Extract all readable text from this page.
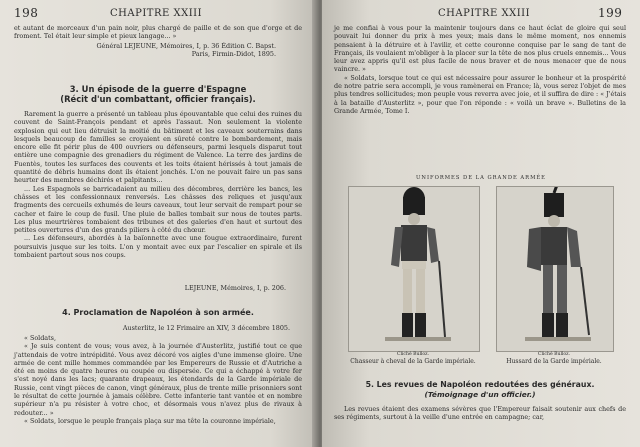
198	CHAPITRE XXIII
et autant de morceaux d'un pain noir, plus chargé de paille et de son que d'orge et de froment. Tel était leur simple et pieux langage... »
Général LEJEUNE, Mémoires, I, p. 36 Édition C. Bapst.
Paris, Firmin-Didot, 1895.
3. Un épisode de la guerre d'Espagne
(Récit d'un combattant, officier français).

Rarement la guerre a présenté un tableau plus épouvantable que celui des ruines du couvent de Saint-François pendant et après l'assaut. Non seulement la violente explosion qui eut lieu détruisit la moitié du bâtiment et les caveaux souterrains dans lesquels beaucoup de familles se croyaient en sûreté contre le bombardement, mais encore elle fit périr plus de 400 ouvriers ou défenseurs, parmi lesquels disparut tout entière une compagnie des grenadiers du régiment de Valence. La terre des jardins de Fuentès, toutes les surfaces des couvents et les toits étaient hérissés à tout jamais de quantité de débris humains dont ils étaient jonchés. L'on ne pouvait faire un pas sans heurter des membres déchirés et palpitants...

... Les Espagnols se barricadaient au milieu des décombres, derrière les bancs, les châsses et les confessionnaux renversés. Les châsses des reliques et jusqu'aux fragments des cercueils exhumés de leurs caveaux, tout leur servait de rempart pour se cacher et faire le coup de fusil. Une pluie de balles tombait sur nous de toutes parts. Les plus meurtrières tombaient des tribunes et des galeries d'en haut et surtout des petites ouvertures d'un des grands piliers à côté du chœur.

... Les défenseurs, abordés à la baïonnette avec une fougue extraordinaire, furent poursuivis jusque sur les toits. L'on y montait avec eux par l'escalier en spirale et ils tombaient partout sous nos coups.

LEJEUNE, Mémoires, I, p. 206.
4. Proclamation de Napoléon à son armée.
Austerlitz, le 12 Frimaire an XIV, 3 décembre 1805.

« Soldats,

« Je suis content de vous; vous avez, à la journée d'Austerlitz, justifié tout ce que j'attendais de votre intrépidité. Vous avez décoré vos aigles d'une immense gloire. Une armée de cent mille hommes commandée par les Empereurs de Russie et d'Autriche a été en moins de quatre heures ou coupée ou dispersée. Ce qui a échappé à votre fer s'est noyé dans les lacs; quarante drapeaux, les étendards de la Garde impériale de Russie, cent vingt pièces de canon, vingt généraux, plus de trente mille prisonniers sont le résultat de cette journée à jamais célèbre. Cette infanterie tant vantée et en nombre supérieur n'a pu résister à votre choc, et désormais vous n'avez plus de rivaux à redouter... »

« Soldats, lorsque le peuple français plaça sur ma tête la couronne impériale,

CHAPITRE XXIII	199

je me confiai à vous pour la maintenir toujours dans ce haut éclat de gloire qui seul pouvait lui donner du prix à mes yeux; mais dans le même moment, nos ennemis pensaient à la détruire et à l'avilir, et cette couronne conquise par le sang de tant de Français, ils voulaient m'obliger à la placer sur la tête de nos plus cruels ennemis... Vous leur avez appris qu'il est plus facile de nous braver et de nous menacer que de nous vaincre. »

« Soldats, lorsque tout ce qui est nécessaire pour assurer le bonheur et la prospérité de notre patrie sera accompli, je vous ramènerai en France; là, vous serez l'objet de mes plus tendres sollicitudes; mon peuple vous reverra avec joie, et il suffira de dire : « J'étais à la bataille d'Austerlitz », pour que l'on réponde : « voilà un brave ». Bulletins de la Grande Armée, Tome I.

UNIFORMES DE LA GRANDE ARMÉE
Cliché Bulloz.
Chasseur à cheval de la Garde impériale.
Cliché Bulloz.
Hussard de la Garde impériale.
5. Les revues de Napoléon redoutées des généraux.
(Témoignage d'un officier.)

Les revues étaient des examens sévères que l'Empereur faisait soutenir aux chefs de ses régiments, surtout à la veille d'une entrée en campagne; car,
